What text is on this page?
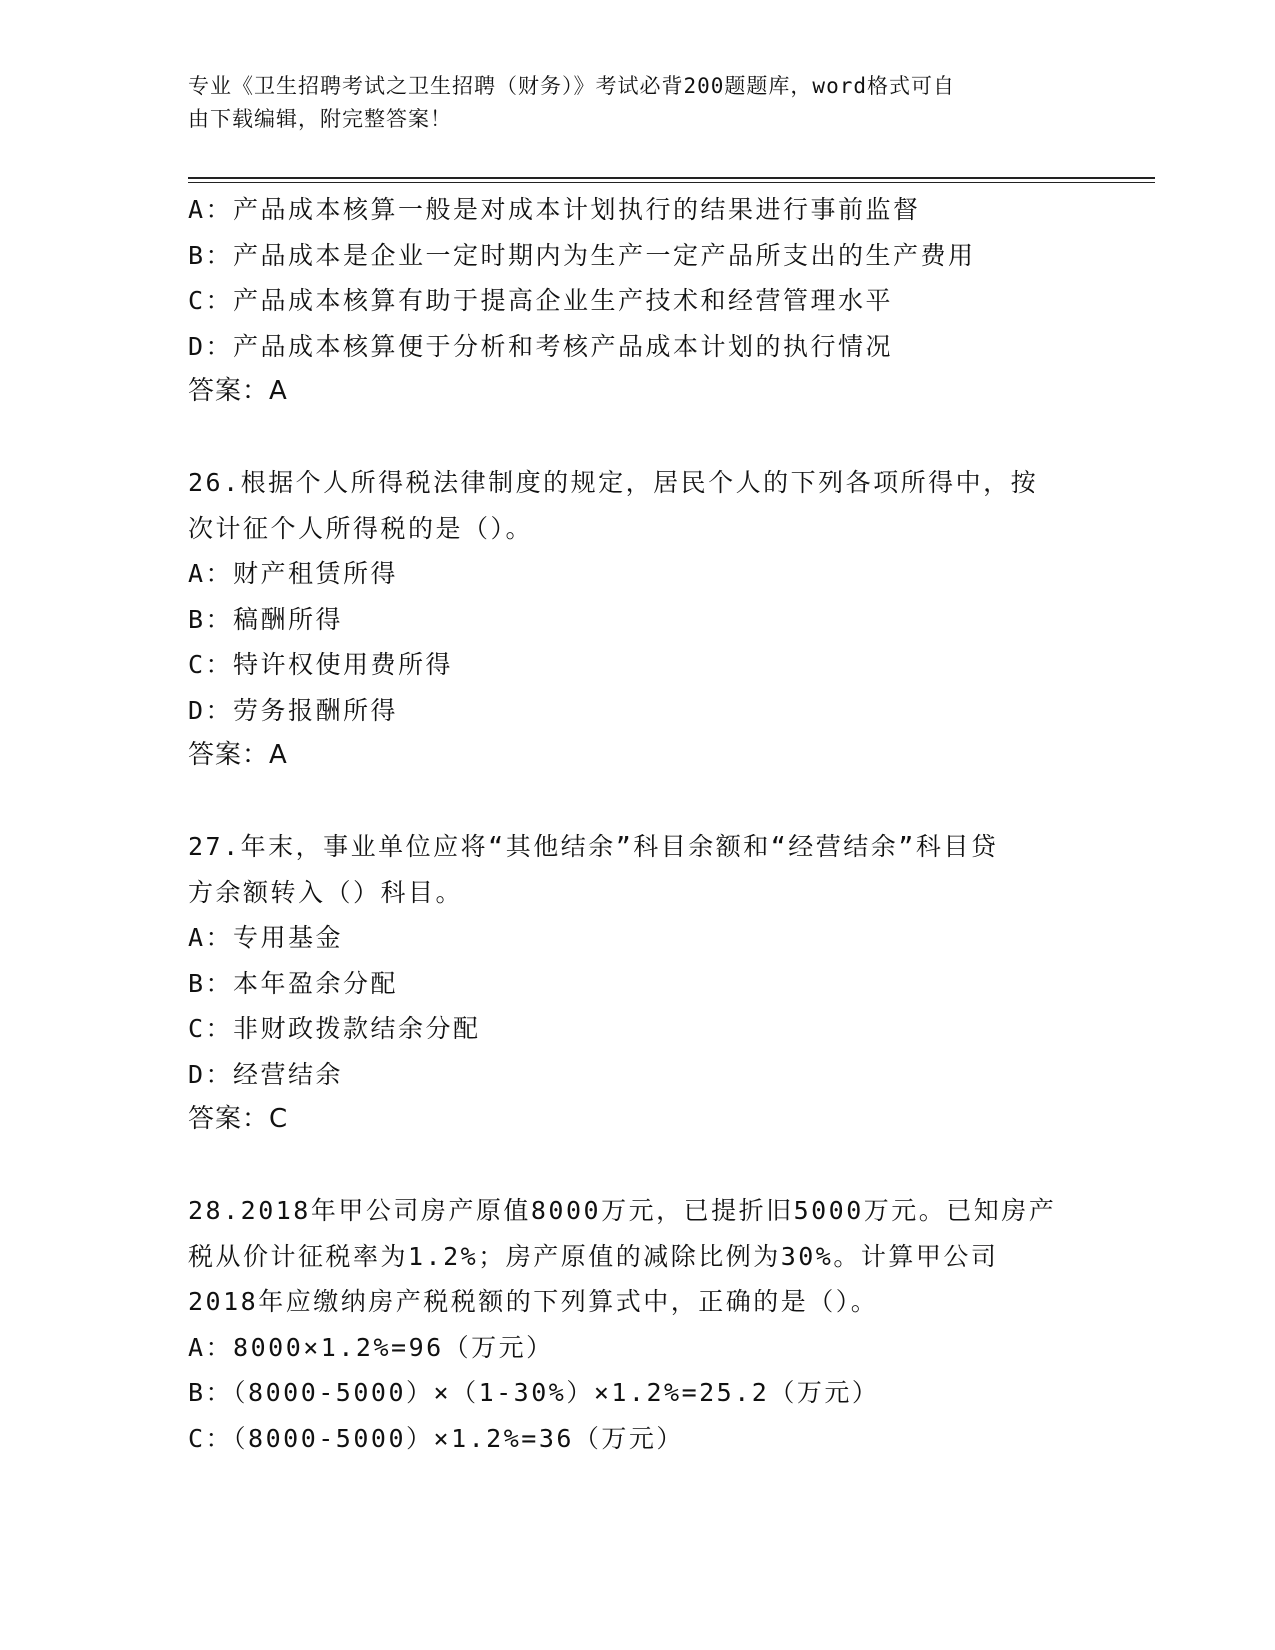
专业《卫生招聘考试之卫生招聘（财务）》考试必背200题题库，word格式可自
由下载编辑，附完整答案！
A：产品成本核算一般是对成本计划执行的结果进行事前监督
B：产品成本是企业一定时期内为生产一定产品所支出的生产费用
C：产品成本核算有助于提高企业生产技术和经营管理水平
D：产品成本核算便于分析和考核产品成本计划的执行情况
答案：A
26.根据个人所得税法律制度的规定，居民个人的下列各项所得中，按
次计征个人所得税的是（）。
A：财产租赁所得
B：稿酬所得
C：特许权使用费所得
D：劳务报酬所得
答案：A
27.年末，事业单位应将“其他结余”科目余额和“经营结余”科目贷
方余额转入（）科目。
A：专用基金
B：本年盈余分配
C：非财政拨款结余分配
D：经营结余
答案：C
28.2018年甲公司房产原值8000万元，已提折旧5000万元。已知房产
税从价计征税率为1.2%；房产原值的减除比例为30%。计算甲公司
2018年应缴纳房产税税额的下列算式中，正确的是（）。
A：8000×1.2%=96（万元）
B：（8000-5000）×（1-30%）×1.2%=25.2（万元）
C：（8000-5000）×1.2%=36（万元）
